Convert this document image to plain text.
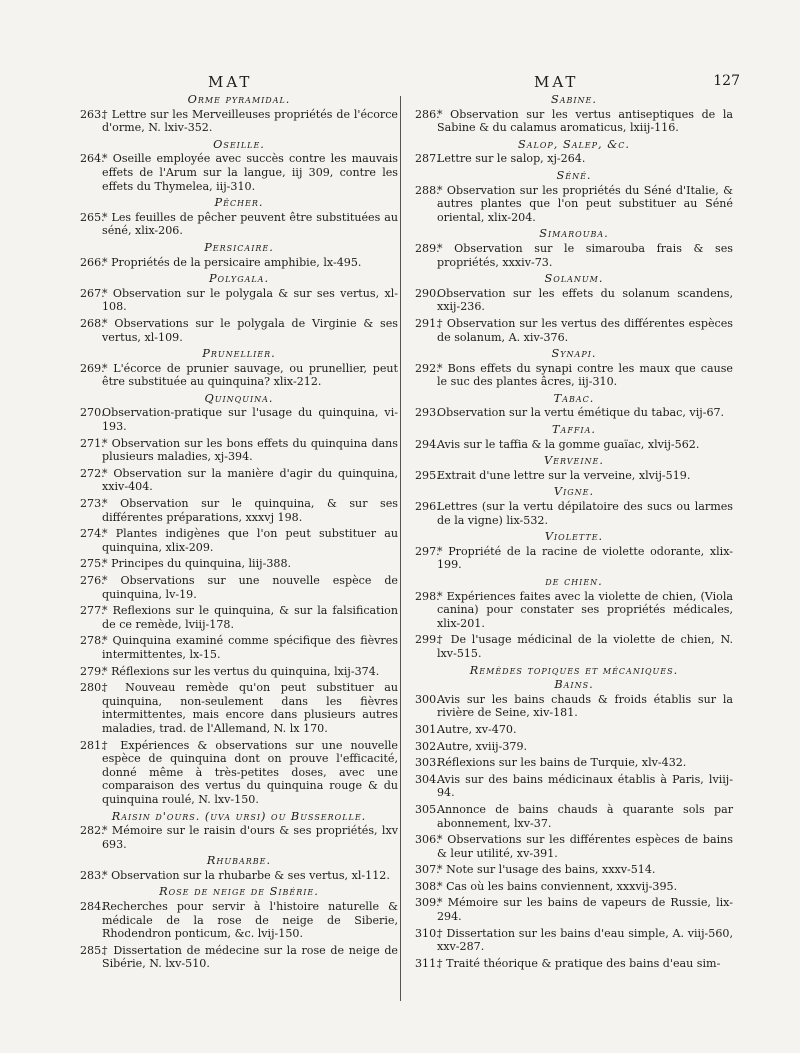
MAT	MAT	127
Orme pyramidal.
263.
† Lettre sur les Merveilleuses propriétés de l'écorce d'orme, N. lxiv-352.
Oseille.
264.
* Oseille employée avec succès contre les mauvais effets de l'Arum sur la langue, iij 309, contre les effets du Thymelea, iij-310.
Pêcher.
265.
* Les feuilles de pêcher peuvent être substituées au séné, xlix-206.
Persicaire.
266.
* Propriétés de la persicaire amphibie, lx-495.
Polygala.
267.
* Observation sur le polygala & sur ses vertus, xl-108.
268.
* Observations sur le polygala de Virginie & ses vertus, xl-109.
Prunellier.
269.
* L'écorce de prunier sauvage, ou prunellier, peut être substituée au quinquina? xlix-212.
Quinquina.
270.
Observation-pratique sur l'usage du quinquina, vi-193.
271.
* Observation sur les bons effets du quinquina dans plusieurs maladies, xj-394.
272.
* Observation sur la manière d'agir du quinquina, xxiv-404.
273.
* Observation sur le quinquina, & sur ses différentes préparations, xxxvj 198.
274.
* Plantes indigènes que l'on peut substituer au quinquina, xlix-209.
275.
* Principes du quinquina, liij-388.
276.
* Observations sur une nouvelle espèce de quinquina, lv-19.
277.
* Reflexions sur le quinquina, & sur la falsification de ce remède, lviij-178.
278.
* Quinquina examiné comme spécifique des fièvres intermittentes, lx-15.
279.
* Réflexions sur les vertus du quinquina, lxij-374.
280.
† Nouveau remède qu'on peut substituer au quinquina, non-seulement dans les fièvres intermittentes, mais encore dans plusieurs autres maladies, trad. de l'Allemand, N. lx 170.
281.
† Expériences & observations sur une nouvelle espèce de quinquina dont on prouve l'efficacité, donné même à très-petites doses, avec une comparaison des vertus du quinquina rouge & du quinquina roulé, N. lxv-150.
Raisin d'ours. (uva ursi) ou Busserolle.
282.
* Mémoire sur le raisin d'ours & ses propriétés, lxv 693.
Rhubarbe.
283.
* Observation sur la rhubarbe & ses vertus, xl-112.
Rose de neige de Sibérie.
284.
Recherches pour servir à l'histoire naturelle & médicale de la rose de neige de Siberie, Rhodendron ponticum, &c. lvij-150.
285.
† Dissertation de médecine sur la rose de neige de Sibérie, N. lxv-510.
Sabine.
286.
* Observation sur les vertus antiseptiques de la Sabine & du calamus aromaticus, lxiij-116.
Salop, Salep, &c.
287.
Lettre sur le salop, xj-264.
Séné.
288.
* Observation sur les propriétés du Séné d'Italie, & autres plantes que l'on peut substituer au Séné oriental, xlix-204.
Simarouba.
289.
* Observation sur le simarouba frais & ses propriétés, xxxiv-73.
Solanum.
290.
Observation sur les effets du solanum scandens, xxij-236.
291.
† Observation sur les vertus des différentes espèces de solanum, A. xiv-376.
Synapi.
292.
* Bons effets du synapi contre les maux que cause le suc des plantes âcres, iij-310.
Tabac.
293.
Observation sur la vertu émétique du tabac, vij-67.
Taffia.
294.
Avis sur le taffia & la gomme guaïac, xlvij-562.
Verveine.
295.
Extrait d'une lettre sur la verveine, xlvij-519.
Vigne.
296.
Lettres (sur la vertu dépilatoire des sucs ou larmes de la vigne) lix-532.
Violette.
297.
* Propriété de la racine de violette odorante, xlix-199.
de chien.
298.
* Expériences faites avec la violette de chien, (Viola canina) pour constater ses propriétés médicales, xlix-201.
299.
† De l'usage médicinal de la violette de chien, N. lxv-515.
Remèdes topiques et mécaniques.
Bains.
300.
Avis sur les bains chauds & froids établis sur la rivière de Seine, xiv-181.
301.
Autre, xv-470.
302.
Autre, xviij-379.
303.
Réflexions sur les bains de Turquie, xlv-432.
304.
Avis sur des bains médicinaux établis à Paris, lviij-94.
305.
Annonce de bains chauds à quarante sols par abonnement, lxv-37.
306.
* Observations sur les différentes espèces de bains & leur utilité, xv-391.
307.
* Note sur l'usage des bains, xxxv-514.
308.
* Cas où les bains conviennent, xxxvij-395.
309.
* Mémoire sur les bains de vapeurs de Russie, lix-294.
310.
† Dissertation sur les bains d'eau simple, A. viij-560, xxv-287.
311.
† Traité théorique & pratique des bains d'eau sim-
